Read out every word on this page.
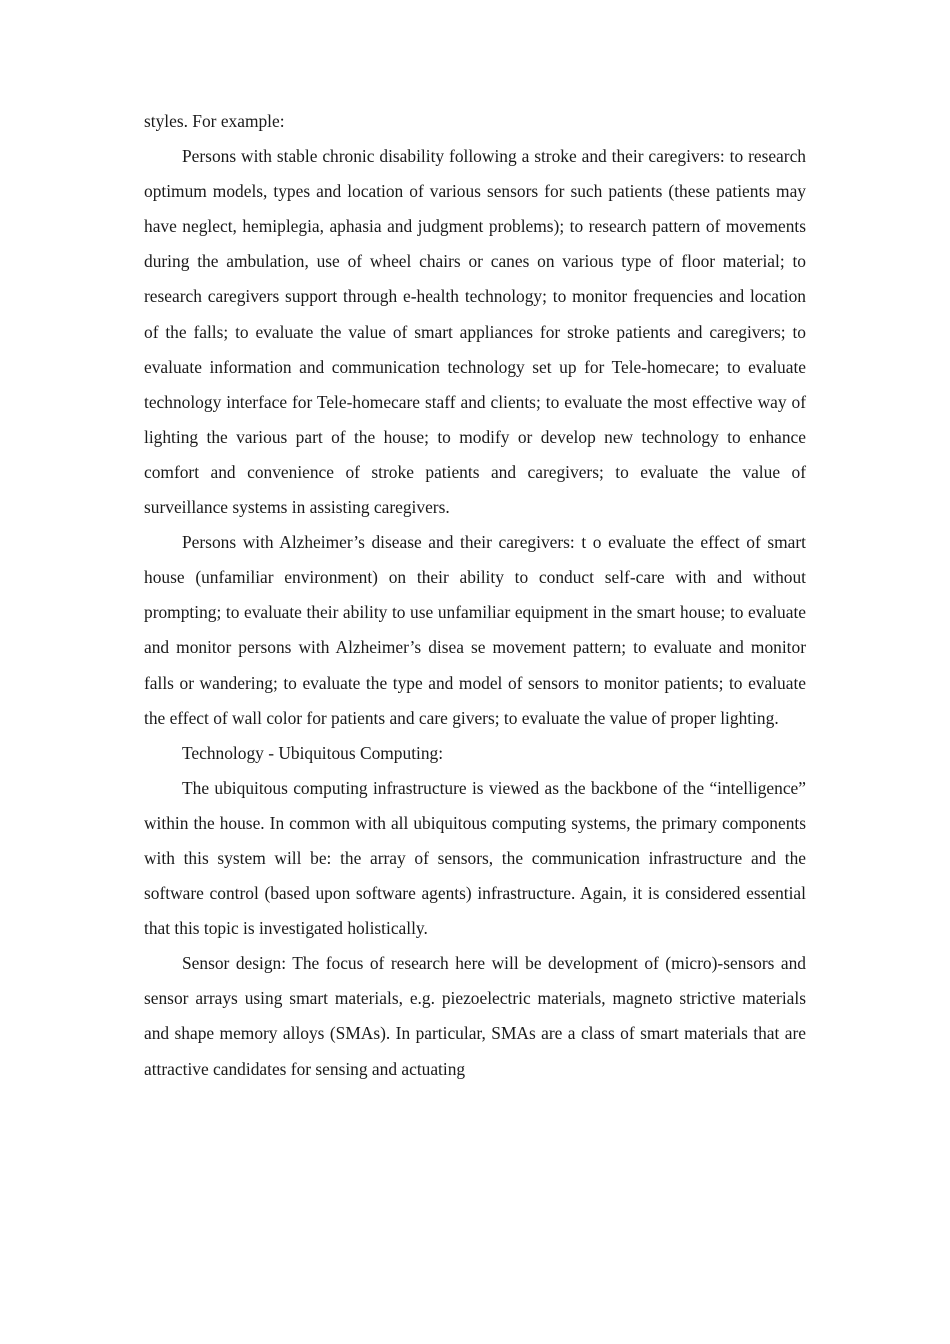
styles. For example:

Persons with stable chronic disability following a stroke and their caregivers: to research optimum models, types and location of various sensors for such patients (these patients may have neglect, hemiplegia, aphasia and judgment problems); to research pattern of movements during the ambulation, use of wheel chairs or canes on various type of floor material; to research caregivers support through e-health technology; to monitor frequencies and location of the falls; to evaluate the value of smart appliances for stroke patients and caregivers; to evaluate information and communication technology set up for Tele-homecare; to evaluate technology interface for Tele-homecare staff and clients; to evaluate the most effective way of lighting the various part of the house; to modify or develop new technology to enhance comfort and convenience of stroke patients and caregivers; to evaluate the value of surveillance systems in assisting caregivers.

Persons with Alzheimer’s disease and their caregivers: t o evaluate the effect of smart house (unfamiliar environment) on their ability to conduct self-care with and without prompting; to evaluate their ability to use unfamiliar equipment in the smart house; to evaluate and monitor persons with Alzheimer’s disea se movement pattern; to evaluate and monitor falls or wandering; to evaluate the type and model of sensors to monitor patients; to evaluate the effect of wall color for patients and care givers; to evaluate the value of proper lighting.

Technology - Ubiquitous Computing:

The ubiquitous computing infrastructure is viewed as the backbone of the “intelligence” within the house. In common with all ubiquitous computing systems, the primary components with this system will be: the array of sensors, the communication infrastructure and the software control (based upon software agents) infrastructure. Again, it is considered essential that this topic is investigated holistically.

Sensor design: The focus of research here will be development of (micro)-sensors and sensor arrays using smart materials, e.g. piezoelectric materials, magneto strictive materials and shape memory alloys (SMAs). In particular, SMAs are a class of smart materials that are attractive candidates for sensing and actuating
